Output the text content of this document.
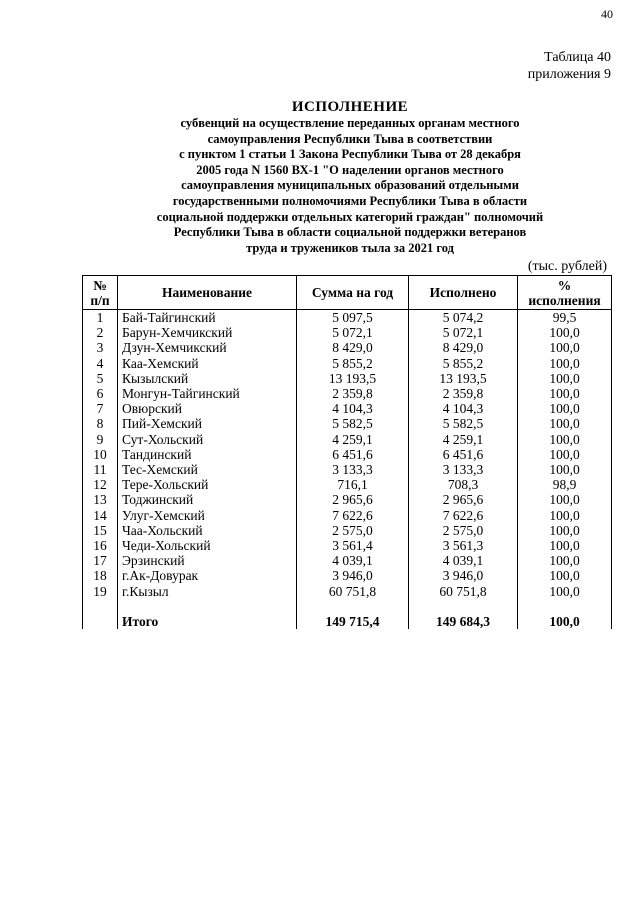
40
Таблица 40
приложения 9
ИСПОЛНЕНИЕ
субвенций на осуществление переданных органам местного
самоуправления Республики Тыва в соответствии
с пунктом 1 статьи 1 Закона Республики Тыва от 28 декабря
2005 года N 1560 ВХ-1 "О наделении органов местного
самоуправления муниципальных образований отдельными
государственными полномочиями Республики Тыва в области
социальной поддержки отдельных категорий граждан" полномочий
Республики Тыва в области социальной поддержки ветеранов
труда и тружеников тыла за 2021 год
(тыс. рублей)
№ п/п	Наименование	Сумма на год	Исполнено	% исполнения
1	Бай-Тайгинский	5 097,5	5 074,2	99,5
2	Барун-Хемчикский	5 072,1	5 072,1	100,0
3	Дзун-Хемчикский	8 429,0	8 429,0	100,0
4	Каа-Хемский	5 855,2	5 855,2	100,0
5	Кызылский	13 193,5	13 193,5	100,0
6	Монгун-Тайгинский	2 359,8	2 359,8	100,0
7	Овюрский	4 104,3	4 104,3	100,0
8	Пий-Хемский	5 582,5	5 582,5	100,0
9	Сут-Хольский	4 259,1	4 259,1	100,0
10	Тандинский	6 451,6	6 451,6	100,0
11	Тес-Хемский	3 133,3	3 133,3	100,0
12	Тере-Хольский	716,1	708,3	98,9
13	Тоджинский	2 965,6	2 965,6	100,0
14	Улуг-Хемский	7 622,6	7 622,6	100,0
15	Чаа-Хольский	2 575,0	2 575,0	100,0
16	Чеди-Хольский	3 561,4	3 561,3	100,0
17	Эрзинский	4 039,1	4 039,1	100,0
18	г.Ак-Довурак	3 946,0	3 946,0	100,0
19	г.Кызыл	60 751,8	60 751,8	100,0

	Итого	149 715,4	149 684,3	100,0
